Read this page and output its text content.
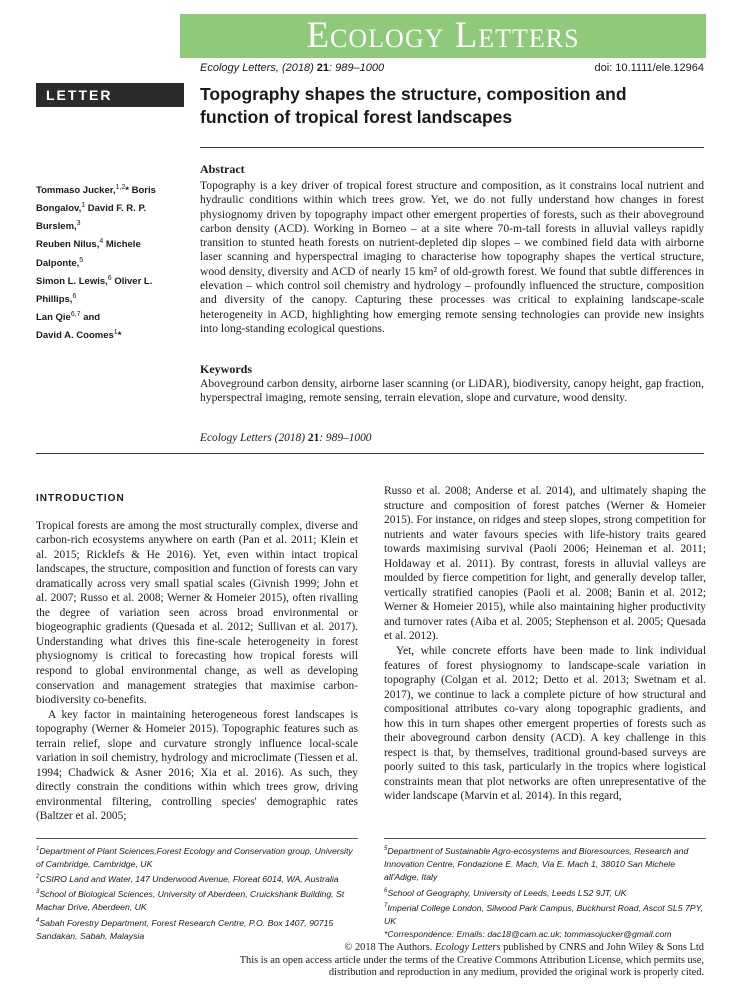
Ecology Letters
Ecology Letters, (2018) 21: 989–1000	doi: 10.1111/ele.12964
LETTER	Topography shapes the structure, composition and function of tropical forest landscapes
Tommaso Jucker,$^{1,2}$* Boris
Bongalov,$^1$ David F. R. P. Burslem,$^3$
Reuben Nilus,$^4$ Michele Dalponte,$^5$
Simon L. Lewis,$^6$ Oliver L. Phillips,$^6$
Lan Qie$^{6,7}$ and
David A. Coomes$^1$*
Abstract
Topography is a key driver of tropical forest structure and composition, as it constrains local nutrient and hydraulic conditions within which trees grow. Yet, we do not fully understand how changes in forest physiognomy driven by topography impact other emergent properties of forests, such as their aboveground carbon density (ACD). Working in Borneo – at a site where 70-m-tall forests in alluvial valleys rapidly transition to stunted heath forests on nutrient-depleted dip slopes – we combined field data with airborne laser scanning and hyperspectral imaging to characterise how topography shapes the vertical structure, wood density, diversity and ACD of nearly 15 km² of old-growth forest. We found that subtle differences in elevation – which control soil chemistry and hydrology – profoundly influenced the structure, composition and diversity of the canopy. Capturing these processes was critical to explaining landscape-scale heterogeneity in ACD, highlighting how emerging remote sensing technologies can provide new insights into long-standing ecological questions.
Keywords
Aboveground carbon density, airborne laser scanning (or LiDAR), biodiversity, canopy height, gap fraction, hyperspectral imaging, remote sensing, terrain elevation, slope and curvature, wood density.
Ecology Letters (2018) 21: 989–1000
INTRODUCTION

Tropical forests are among the most structurally complex, diverse and carbon-rich ecosystems anywhere on earth (Pan et al. 2011; Klein et al. 2015; Ricklefs & He 2016). Yet, even within intact tropical landscapes, the structure, composition and function of forests can vary dramatically across very small spatial scales (Givnish 1999; John et al. 2007; Russo et al. 2008; Werner & Homeier 2015), often rivalling the degree of variation seen across broad environmental or biogeographic gradients (Quesada et al. 2012; Sullivan et al. 2017). Understanding what drives this fine-scale heterogeneity in forest physiognomy is critical to forecasting how tropical forests will respond to global environmental change, as well as developing conservation and management strategies that maximise carbon-biodiversity co-benefits.

A key factor in maintaining heterogeneous forest landscapes is topography (Werner & Homeier 2015). Topographic features such as terrain relief, slope and curvature strongly influence local-scale variation in soil chemistry, hydrology and microclimate (Tiessen et al. 1994; Chadwick & Asner 2016; Xia et al. 2016). As such, they directly constrain the conditions within which trees grow, driving environmental filtering, controlling species' demographic rates (Baltzer et al. 2005;

Russo et al. 2008; Anderse et al. 2014), and ultimately shaping the structure and composition of forest patches (Werner & Homeier 2015). For instance, on ridges and steep slopes, strong competition for nutrients and water favours species with life-history traits geared towards maximising survival (Paoli 2006; Heineman et al. 2011; Holdaway et al. 2011). By contrast, forests in alluvial valleys are moulded by fierce competition for light, and generally develop taller, vertically stratified canopies (Paoli et al. 2008; Banin et al. 2012; Werner & Homeier 2015), while also maintaining higher productivity and turnover rates (Aiba et al. 2005; Stephenson et al. 2005; Quesada et al. 2012).

Yet, while concrete efforts have been made to link individual features of forest physiognomy to landscape-scale variation in topography (Colgan et al. 2012; Detto et al. 2013; Swetnam et al. 2017), we continue to lack a complete picture of how structural and compositional attributes co-vary along topographic gradients, and how this in turn shapes other emergent properties of forests such as their aboveground carbon density (ACD). A key challenge in this respect is that, by themselves, traditional ground-based surveys are poorly suited to this task, particularly in the tropics where logistical constraints mean that plot networks are often unrepresentative of the wider landscape (Marvin et al. 2014). In this regard,

$^1$Department of Plant Sciences,Forest Ecology and Conservation group, University of Cambridge, Cambridge, UK
$^2$CSIRO Land and Water, 147 Underwood Avenue, Floreat 6014, WA, Australia
$^3$School of Biological Sciences, University of Aberdeen, Cruickshank Building, St Machar Drive, Aberdeen, UK
$^4$Sabah Forestry Department, Forest Research Centre, P.O. Box 1407, 90715 Sandakan, Sabah, Malaysia
$^5$Department of Sustainable Agro-ecosystems and Bioresources, Research and Innovation Centre, Fondazione E. Mach, Via E. Mach 1, 38010 San Michele all'Adige, Italy
$^6$School of Geography, University of Leeds, Leeds LS2 9JT, UK
$^7$Imperial College London, Silwood Park Campus, Buckhurst Road, Ascot SL5 7PY, UK
*Correspondence: Emails: dac18@cam.ac.uk; tommasojucker@gmail.com
© 2018 The Authors. Ecology Letters published by CNRS and John Wiley & Sons Ltd
This is an open access article under the terms of the Creative Commons Attribution License, which permits use,
distribution and reproduction in any medium, provided the original work is properly cited.
